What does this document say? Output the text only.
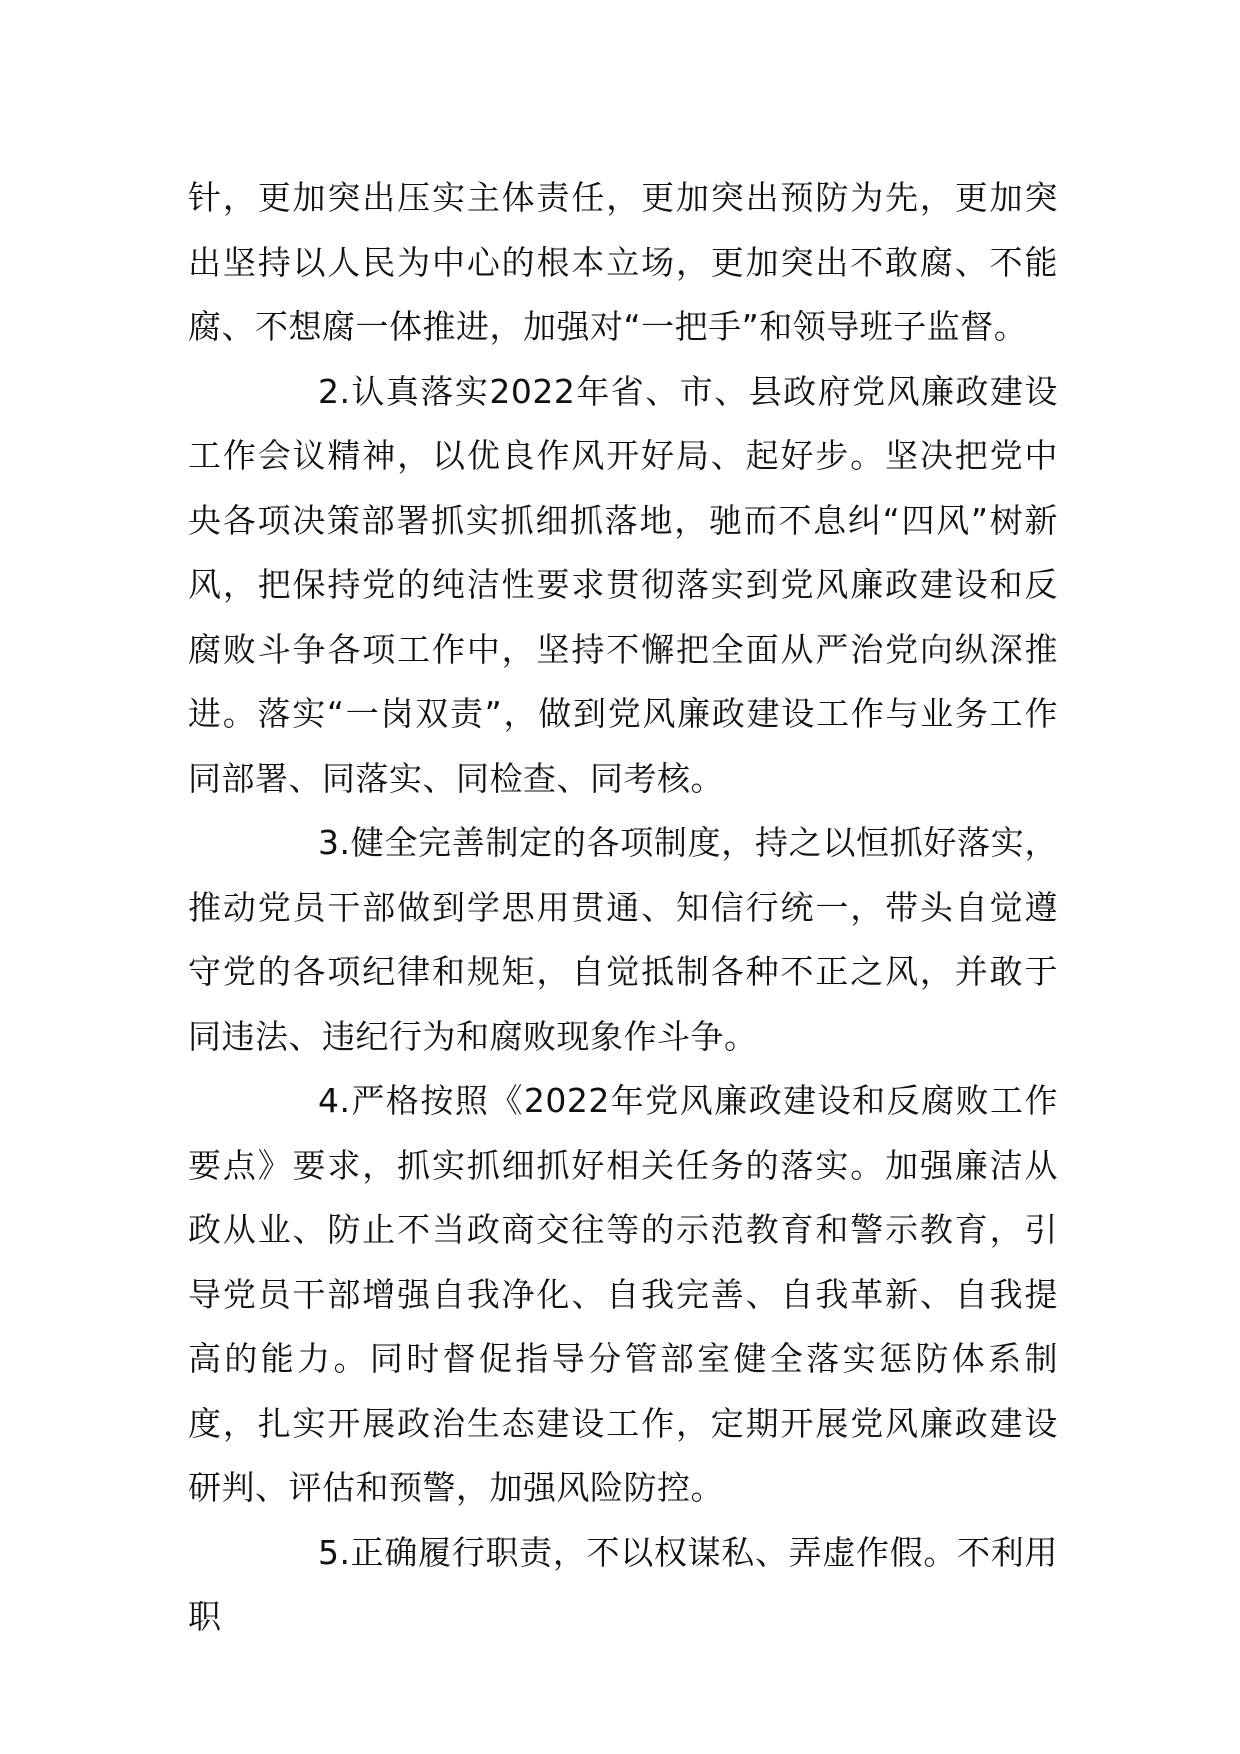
针，更加突出压实主体责任，更加突出预防为先，更加突出坚持以人民为中心的根本立场，更加突出不敢腐、不能腐、不想腐一体推进，加强对“一把手”和领导班子监督。

2.认真落实2022年省、市、县政府党风廉政建设工作会议精神，以优良作风开好局、起好步。坚决把党中央各项决策部署抓实抓细抓落地，驰而不息纠“四风”树新风，把保持党的纯洁性要求贯彻落实到党风廉政建设和反腐败斗争各项工作中，坚持不懈把全面从严治党向纵深推进。落实“一岗双责”，做到党风廉政建设工作与业务工作同部署、同落实、同检查、同考核。

3.健全完善制定的各项制度，持之以恒抓好落实，推动党员干部做到学思用贯通、知信行统一，带头自觉遵守党的各项纪律和规矩，自觉抵制各种不正之风，并敢于同违法、违纪行为和腐败现象作斗争。

4.严格按照《2022年党风廉政建设和反腐败工作要点》要求，抓实抓细抓好相关任务的落实。加强廉洁从政从业、防止不当政商交往等的示范教育和警示教育，引导党员干部增强自我净化、自我完善、自我革新、自我提高的能力。同时督促指导分管部室健全落实惩防体系制度，扎实开展政治生态建设工作，定期开展党风廉政建设研判、评估和预警，加强风险防控。

5.正确履行职责，不以权谋私、弄虚作假。不利用职
